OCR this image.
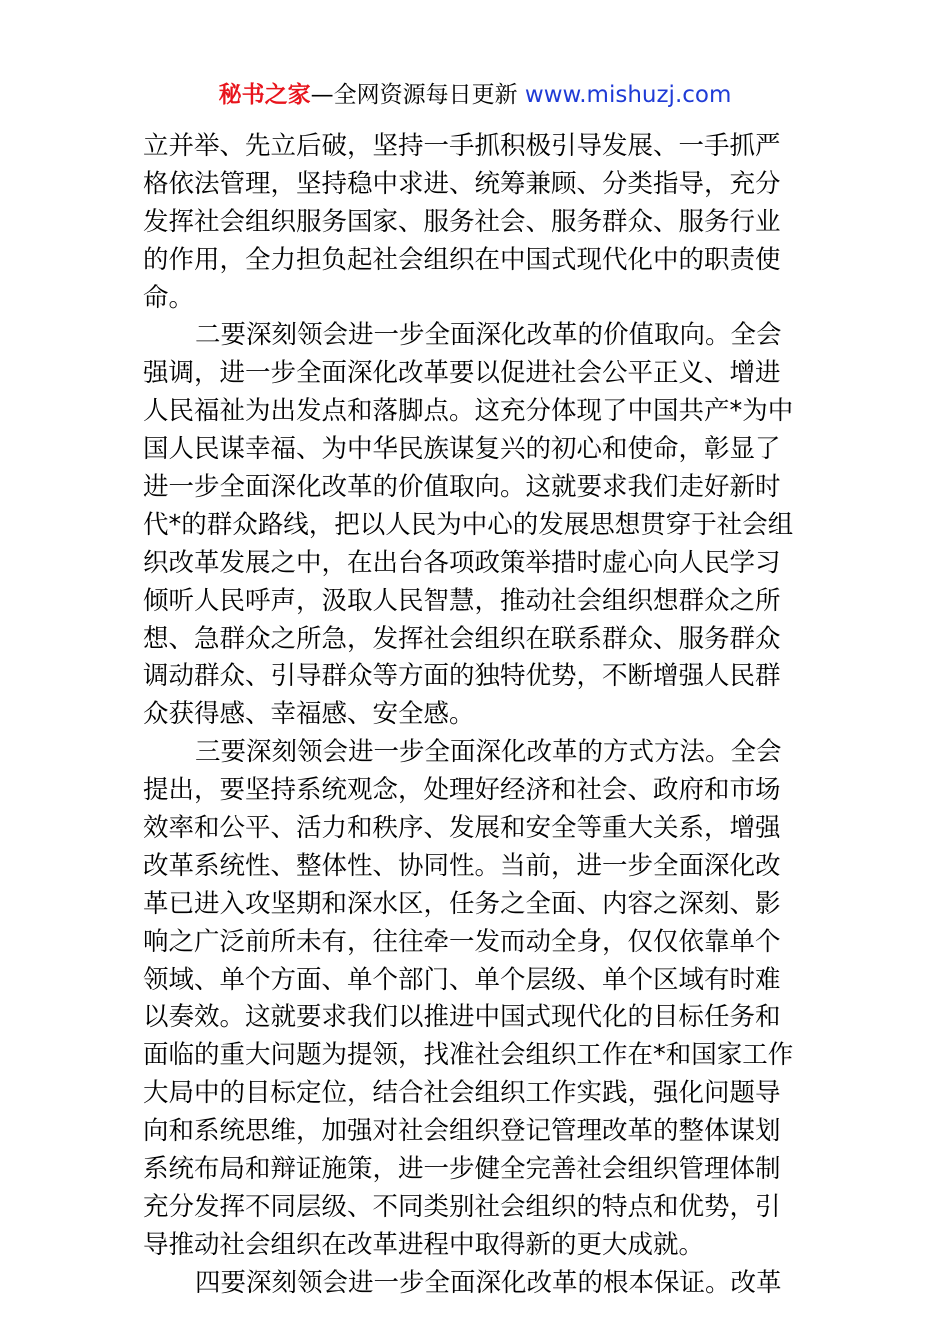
秘书之家—全网资源每日更新 www.mishuzj.com
立并举、先立后破，坚持一手抓积极引导发展、一手抓严
格依法管理，坚持稳中求进、统筹兼顾、分类指导，充分
发挥社会组织服务国家、服务社会、服务群众、服务行业
的作用，全力担负起社会组织在中国式现代化中的职责使
命。
二要深刻领会进一步全面深化改革的价值取向。全会
强调，进一步全面深化改革要以促进社会公平正义、增进
人民福祉为出发点和落脚点。这充分体现了中国共产*为中
国人民谋幸福、为中华民族谋复兴的初心和使命，彰显了
进一步全面深化改革的价值取向。这就要求我们走好新时
代*的群众路线，把以人民为中心的发展思想贯穿于社会组
织改革发展之中，在出台各项政策举措时虚心向人民学习
倾听人民呼声，汲取人民智慧，推动社会组织想群众之所
想、急群众之所急，发挥社会组织在联系群众、服务群众
调动群众、引导群众等方面的独特优势，不断增强人民群
众获得感、幸福感、安全感。
三要深刻领会进一步全面深化改革的方式方法。全会
提出，要坚持系统观念，处理好经济和社会、政府和市场
效率和公平、活力和秩序、发展和安全等重大关系，增强
改革系统性、整体性、协同性。当前，进一步全面深化改
革已进入攻坚期和深水区，任务之全面、内容之深刻、影
响之广泛前所未有，往往牵一发而动全身，仅仅依靠单个
领域、单个方面、单个部门、单个层级、单个区域有时难
以奏效。这就要求我们以推进中国式现代化的目标任务和
面临的重大问题为提领，找准社会组织工作在*和国家工作
大局中的目标定位，结合社会组织工作实践，强化问题导
向和系统思维，加强对社会组织登记管理改革的整体谋划
系统布局和辩证施策，进一步健全完善社会组织管理体制
充分发挥不同层级、不同类别社会组织的特点和优势，引
导推动社会组织在改革进程中取得新的更大成就。
四要深刻领会进一步全面深化改革的根本保证。改革
